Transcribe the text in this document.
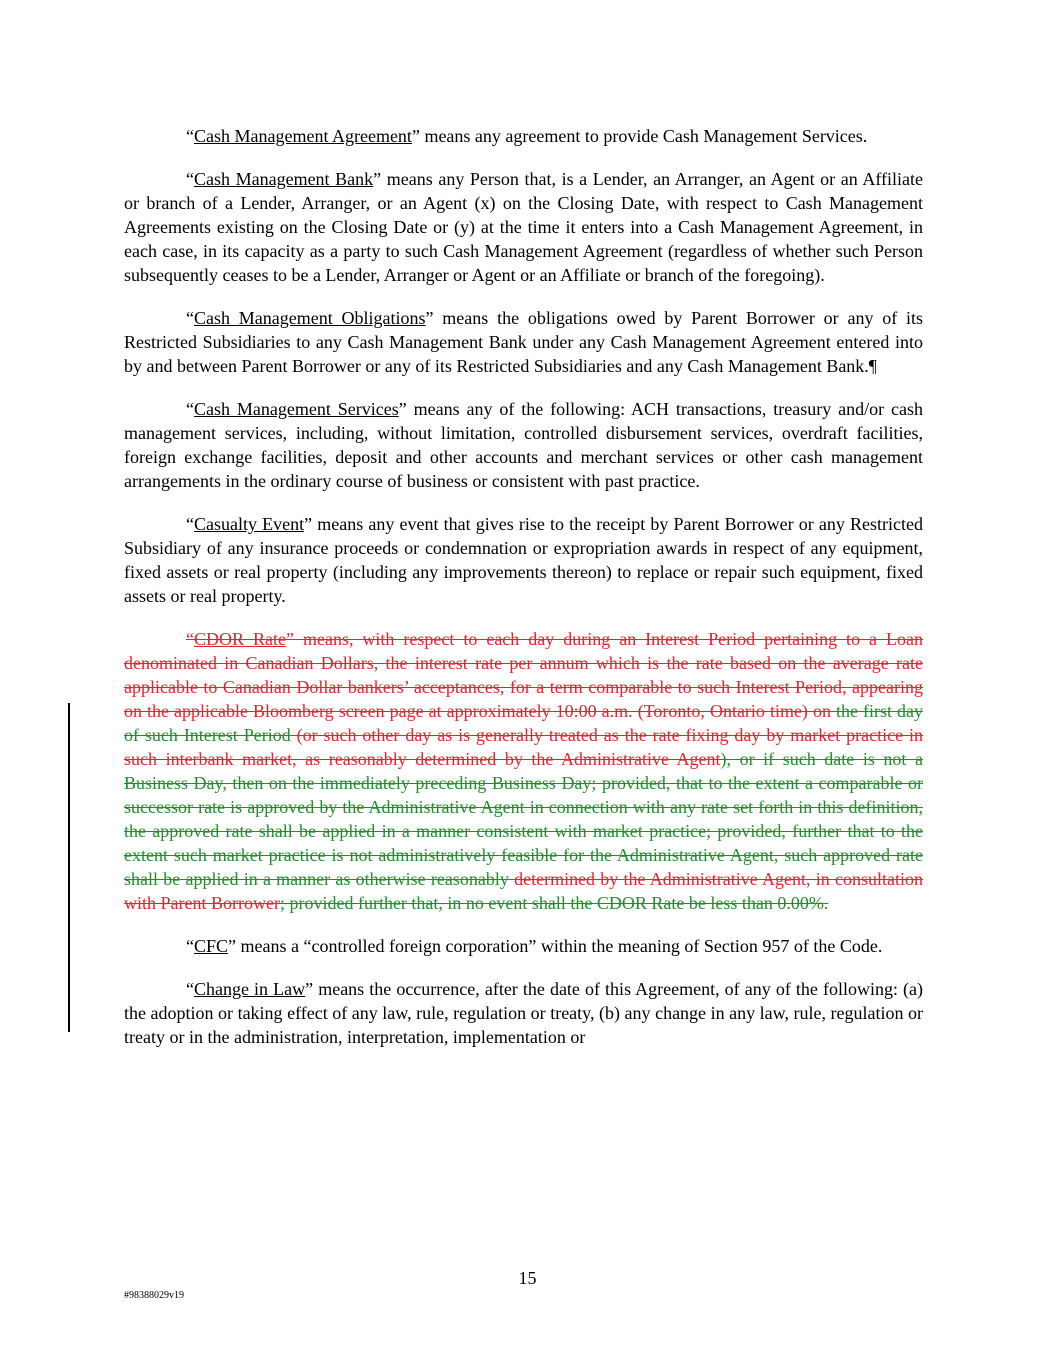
“Cash Management Agreement” means any agreement to provide Cash Management Services.

“Cash Management Bank” means any Person that, is a Lender, an Arranger, an Agent or an Affiliate or branch of a Lender, Arranger, or an Agent (x) on the Closing Date, with respect to Cash Management Agreements existing on the Closing Date or (y) at the time it enters into a Cash Management Agreement, in each case, in its capacity as a party to such Cash Management Agreement (regardless of whether such Person subsequently ceases to be a Lender, Arranger or Agent or an Affiliate or branch of the foregoing).

“Cash Management Obligations” means the obligations owed by Parent Borrower or any of its Restricted Subsidiaries to any Cash Management Bank under any Cash Management Agreement entered into by and between Parent Borrower or any of its Restricted Subsidiaries and any Cash Management Bank.¶

“Cash Management Services” means any of the following: ACH transactions, treasury and/or cash management services, including, without limitation, controlled disbursement services, overdraft facilities, foreign exchange facilities, deposit and other accounts and merchant services or other cash management arrangements in the ordinary course of business or consistent with past practice.

“Casualty Event” means any event that gives rise to the receipt by Parent Borrower or any Restricted Subsidiary of any insurance proceeds or condemnation or expropriation awards in respect of any equipment, fixed assets or real property (including any improvements thereon) to replace or repair such equipment, fixed assets or real property.

“CDOR Rate” means, with respect to each day during an Interest Period pertaining to a Loan denominated in Canadian Dollars, the interest rate per annum which is the rate based on the average rate applicable to Canadian Dollar bankers’ acceptances, for a term comparable to such Interest Period, appearing on the applicable Bloomberg screen page at approximately 10:00 a.m. (Toronto, Ontario time) on the first day of such Interest Period (or such other day as is generally treated as the rate fixing day by market practice in such interbank market, as reasonably determined by the Administrative Agent), or if such date is not a Business Day, then on the immediately preceding Business Day; provided, that to the extent a comparable or successor rate is approved by the Administrative Agent in connection with any rate set forth in this definition, the approved rate shall be applied in a manner consistent with market practice; provided, further that to the extent such market practice is not administratively feasible for the Administrative Agent, such approved rate shall be applied in a manner as otherwise reasonably determined by the Administrative Agent, in consultation with Parent Borrower; provided further that, in no event shall the CDOR Rate be less than 0.00%.

“CFC” means a “controlled foreign corporation” within the meaning of Section 957 of the Code.

“Change in Law” means the occurrence, after the date of this Agreement, of any of the following: (a) the adoption or taking effect of any law, rule, regulation or treaty, (b) any change in any law, rule, regulation or treaty or in the administration, interpretation, implementation or

15
#98388029v19
